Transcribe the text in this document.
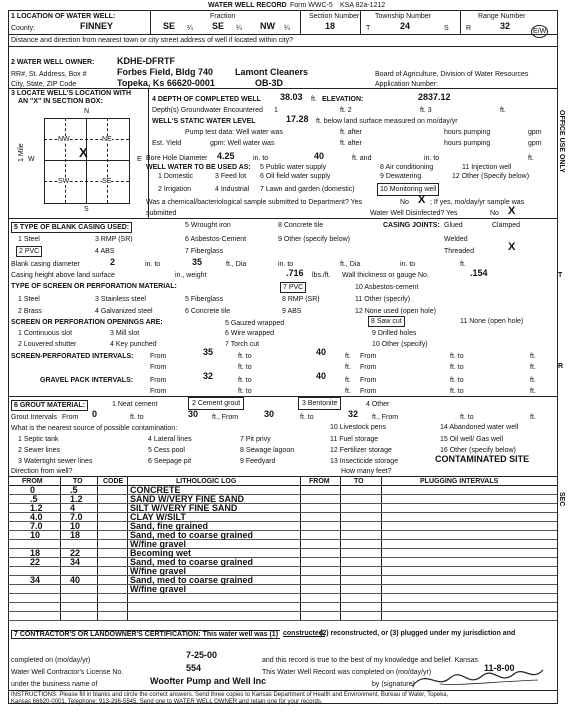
WATER WELL RECORD Form WWC-5 KSA 82a-1212
1 LOCATION OF WATER WELL:
County:	FINNEY
Fraction
SE ¼ SE ¼ NW ¼
Section Number
18
Township Number
T	24	S
Range Number
R	32
E/W
Distance and direction from nearest town or city street address of well if located within city?
2 WATER WELL OWNER:	KDHE-DFRTF
RR#, St. Address, Box #	Forbes Field, Bldg 740 Lamont Cleaners
City, State, ZIP Code	Topeka, Ks 66620-0001	OB-3D
Board of Agriculture, Division of Water Resources
Application Number:
3 LOCATE WELL'S LOCATION WITH
AN "X" IN SECTION BOX:
N
S
W	E
1 Mile
NW	NE
SW	SE
X
4 DEPTH OF COMPLETED WELL 38.03 ft. ELEVATION:	2837.12
Depth(s) Groundwater Encountered 1	ft. 2	ft. 3	ft.
WELL'S STATIC WATER LEVEL	17.28 ft. below land surface measured on mo/day/yr
Pump test data: Well water was	ft. after	hours pumping	gpm
Est. Yield	gpm: Well water was	ft. after	hours pumping	gpm
Bore Hole Diameter 4.25	in. to	40	ft. and	in. to	ft.
WELL WATER TO BE USED AS: 5 Public water supply	8 Air conditioning	11 Injection well
1 Domestic	3 Feed lot 6 Oil field water supply	9 Dewatering	12 Other (Specify below)
2 Irrigation	4 Industrial 7 Lawn and garden (domestic)	10 Monitoring well
Was a chemical/bacteriological sample submitted to Department? Yes	No X ; If yes, mo/day/yr sample was
submitted	Water Well Disinfected? Yes	No X
5 TYPE OF BLANK CASING USED:
1 Steel	3 RMP (SR)
5 Wrought iron
6 Asbestos-Cement
8 Concrete tile
9 Other (specify below)
2 PVC	4 ABS	7 Fiberglass
CASING JOINTS: Glued	Clamped
Welded
Threaded	X
Blank casing diameter	2	in. to	35	ft., Dia	in. to	ft., Dia	in. to	ft.
Casing height above land surface	in., weight	.716 lbs./ft. Wall thickness or gauge No.	.154
TYPE OF SCREEN OR PERFORATION MATERIAL:
1 Steel	3 Stainless steel	5 Fiberglass
7 PVC	10 Asbestos-cement
2 Brass	4 Galvanized steel	6 Concrete tile
8 RMP (SR)	11 Other (specify)
9 ABS	12 None used (open hole)
SCREEN OR PERFORATION OPENINGS ARE:
1 Continuous slot	3 Mill slot
5 Gauzed wrapped	8 Saw cut	11 None (open hole)
2 Louvered shutter	4 Key punched
6 Wire wrapped	9 Drilled holes
7 Torch cut	10 Other (specify)
SCREEN-PERFORATED INTERVALS: From	35	ft. to	40	ft. From	ft. to	ft.
From	ft. to	ft. From	ft. to	ft.
GRAVEL PACK INTERVALS: From	32	ft. to	40	ft. From	ft. to	ft.
From	ft. to	ft. From	ft. to	ft.
6 GROUT MATERIAL:	1 Neat cement	2 Cement grout	3 Bentonite	4 Other
Grout Intervals From 0	ft. to	30 ft., From	30	ft. to	32 ft., From	ft. to	ft.
What is the nearest source of possible contamination:
1 Septic tank	4 Lateral lines	7 Pit privy
10 Livestock pens	14 Abandoned water well
2 Sewer lines	5 Cess pool	8 Sewage lagoon
11 Fuel storage	15 Oil well/ Gas well
3 Watertight sewer lines	6 Seepage pit	9 Feedyard
12 Fertilizer storage	16 Other (specify below)
13 Insecticide storage	CONTAMINATED SITE
Direction from well?	How many feet?
FROM	TO	CODE	LITHOLOGIC LOG	FROM	TO	PLUGGING INTERVALS
0	.5	CONCRETE
.5	1.2	SAND W/VERY FINE SAND
1.2	4	SILT W/VERY FINE SAND
4.0	7.0	CLAY W/SILT
7.0	10	Sand, fine grained
10	18	Sand, med to coarse grained
W/fine gravel
18	22	Becoming wet
22	34	Sand, med to coarse grained
W/fine gravel
34	40	Sand, med to coarse grained
W/fine gravel
7 CONTRACTOR'S OR LANDOWNER'S CERTIFICATION: This water well was (1) constructed,
(2) reconstructed, or (3) plugged under my jurisdiction and
completed on (mo/day/yr)
7-25-00
and this record is true to the best of my knowledge and belief. Kansas
Water Well Contractor's License No.	554	This Water Well Record was completed on (mo/day/yr)	11-8-00
under the business name of	Woofter Pump and Well Inc	by (signature)
INSTRUCTIONS: Please fill in blanks and circle the correct answers. Send three copies to Kansas Department of Health and Environment, Bureau of Water, Topeka,
Kansas 66620-0001. Telephone: 913-296-5545. Send one to WATER WELL OWNER and retain one for your records.
OFFICE USE ONLY
T
R
SEC
